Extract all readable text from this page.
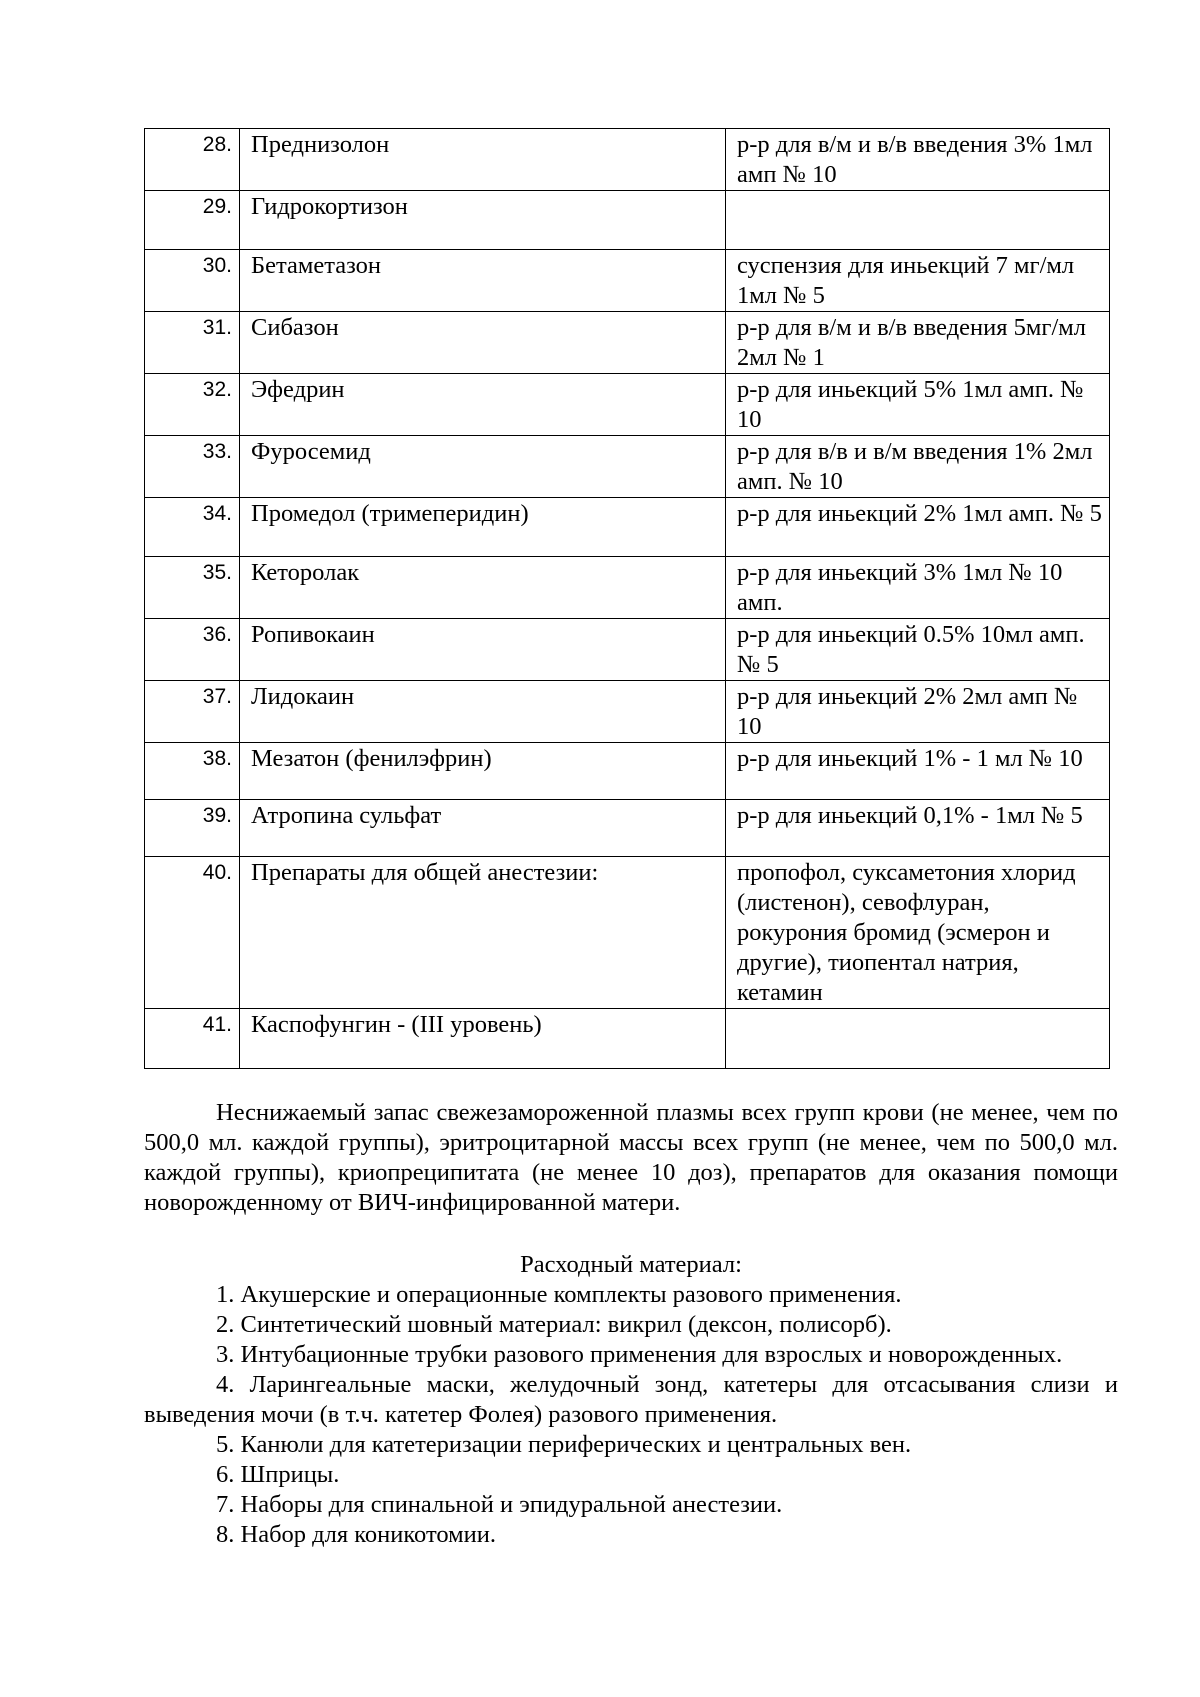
28.	Преднизолон	р-р для в/м и в/в введения 3% 1мл амп № 10
29.	Гидрокортизон	
30.	Бетаметазон	суспензия для иньекций 7 мг/мл 1мл № 5
31.	Сибазон	р-р для в/м и в/в введения 5мг/мл 2мл № 1
32.	Эфедрин	р-р для иньекций 5% 1мл амп. № 10
33.	Фуросемид	р-р для в/в и в/м введения 1% 2мл амп. № 10
34.	Промедол (тримеперидин)	р-р для иньекций 2% 1мл амп. № 5
35.	Кеторолак	р-р для иньекций 3% 1мл № 10 амп.
36.	Ропивокаин	р-р для иньекций 0.5% 10мл амп. № 5
37.	Лидокаин	р-р для иньекций 2% 2мл амп № 10
38.	Мезатон (фенилэфрин)	р-р для иньекций 1% - 1 мл № 10
39.	Атропина сульфат	р-р для иньекций 0,1% - 1мл № 5
40.	Препараты для общей анестезии:	пропофол, суксаметония хлорид (листенон), севофлуран, рокурония бромид (эсмерон и другие), тиопентал натрия, кетамин
41.	Каспофунгин - (III уровень)	

Неснижаемый запас свежезамороженной плазмы всех групп крови (не менее, чем по 500,0 мл. каждой группы), эритроцитарной массы всех групп (не менее, чем по 500,0 мл. каждой группы), криопреципитата (не менее 10 доз), препаратов для оказания помощи новорожденному от ВИЧ-инфицированной матери.

Расходный материал:
1. Акушерские и операционные комплекты разового применения.
2. Синтетический шовный материал: викрил (дексон, полисорб).
3. Интубационные трубки разового применения для взрослых и новорожденных.
4. Ларингеальные маски, желудочный зонд, катетеры для отсасывания слизи и выведения мочи (в т.ч. катетер Фолея) разового применения.
5. Канюли для катетеризации периферических и центральных вен.
6. Шприцы.
7. Наборы для спинальной и эпидуральной анестезии.
8. Набор для коникотомии.
